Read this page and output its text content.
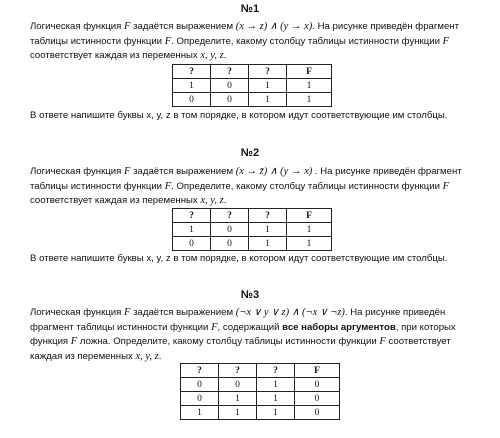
№1
Логическая функция F задаётся выражением (x → z) ∧ (y → x). На рисунке приведён фрагмент таблицы истинности функции F. Определите, какому столбцу таблицы истинности функции F соответствует каждая из переменных x, y, z.
?	?	?	F
1	0	1	1
0	0	1	1
В ответе напишите буквы x, y, z в том порядке, в котором идут соответствующие им столбцы.
№2
Логическая функция F задаётся выражением (x → z̄) ∧ (y → x) . На рисунке приведён фрагмент таблицы истинности функции F. Определите, какому столбцу таблицы истинности функции F соответствует каждая из переменных x, y, z.
?	?	?	F
1	0	1	1
0	0	1	1
В ответе напишите буквы x, y, z в том порядке, в котором идут соответствующие им столбцы.
№3
Логическая функция F задаётся выражением (¬x ∨ y ∨ z) ∧ (¬x ∨ ¬z). На рисунке приведён фрагмент таблицы истинности функции F, содержащий все наборы аргументов, при которых функция F ложна. Определите, какому столбцу таблицы истинности функции F соответствует каждая из переменных x, y, z.
?	?	?	F
0	0	1	0
0	1	1	0
1	1	1	0
